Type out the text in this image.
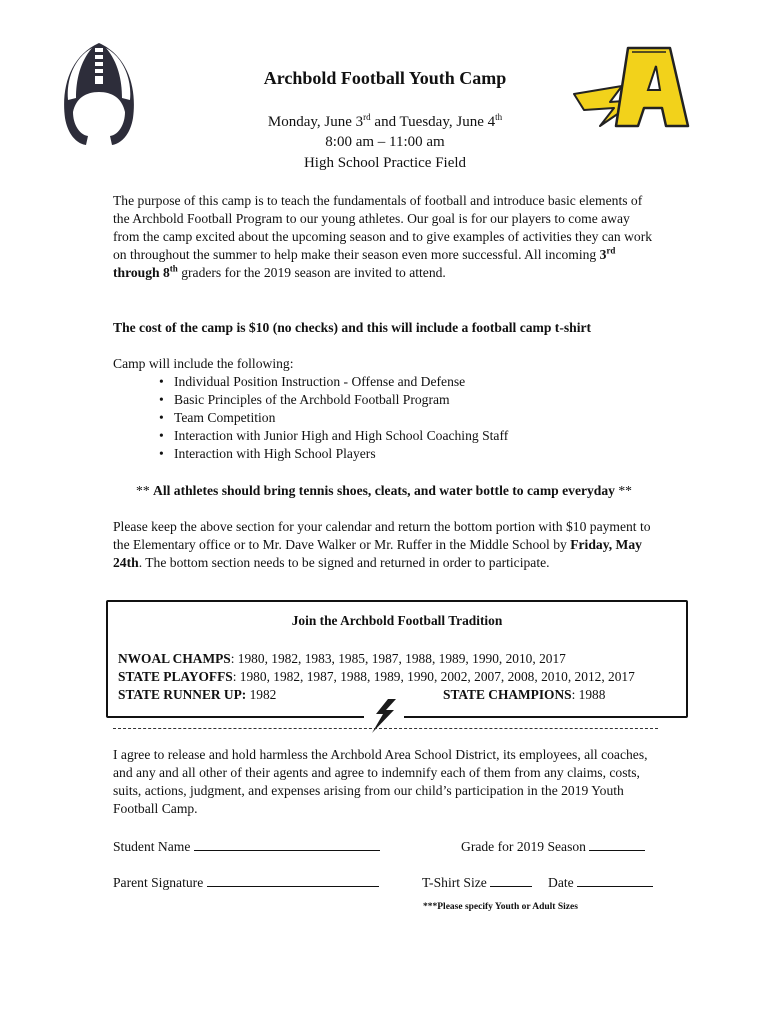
Archbold Football Youth Camp
Monday, June 3rd and Tuesday, June 4th
8:00 am – 11:00 am
High School Practice Field
The purpose of this camp is to teach the fundamentals of football and introduce basic elements of the Archbold Football Program to our young athletes. Our goal is for our players to come away from the camp excited about the upcoming season and to give examples of activities they can work on throughout the summer to help make their season even more successful. All incoming 3rd through 8th graders for the 2019 season are invited to attend.
The cost of the camp is $10 (no checks) and this will include a football camp t-shirt
Camp will include the following:
• Individual Position Instruction - Offense and Defense
• Basic Principles of the Archbold Football Program
• Team Competition
• Interaction with Junior High and High School Coaching Staff
• Interaction with High School Players
** All athletes should bring tennis shoes, cleats, and water bottle to camp everyday **
Please keep the above section for your calendar and return the bottom portion with $10 payment to the Elementary office or to Mr. Dave Walker or Mr. Ruffer in the Middle School by Friday, May 24th. The bottom section needs to be signed and returned in order to participate.
Join the Archbold Football Tradition
NWOAL CHAMPS: 1980, 1982, 1983, 1985, 1987, 1988, 1989, 1990, 2010, 2017
STATE PLAYOFFS: 1980, 1982, 1987, 1988, 1989, 1990, 2002, 2007, 2008, 2010, 2012, 2017
STATE RUNNER UP: 1982	STATE CHAMPIONS: 1988
I agree to release and hold harmless the Archbold Area School District, its employees, all coaches, and any and all other of their agents and agree to indemnify each of them from any claims, costs, suits, actions, judgment, and expenses arising from our child’s participation in the 2019 Youth Football Camp.
Student Name	Grade for 2019 Season
Parent Signature	T-Shirt Size	Date
***Please specify Youth or Adult Sizes
